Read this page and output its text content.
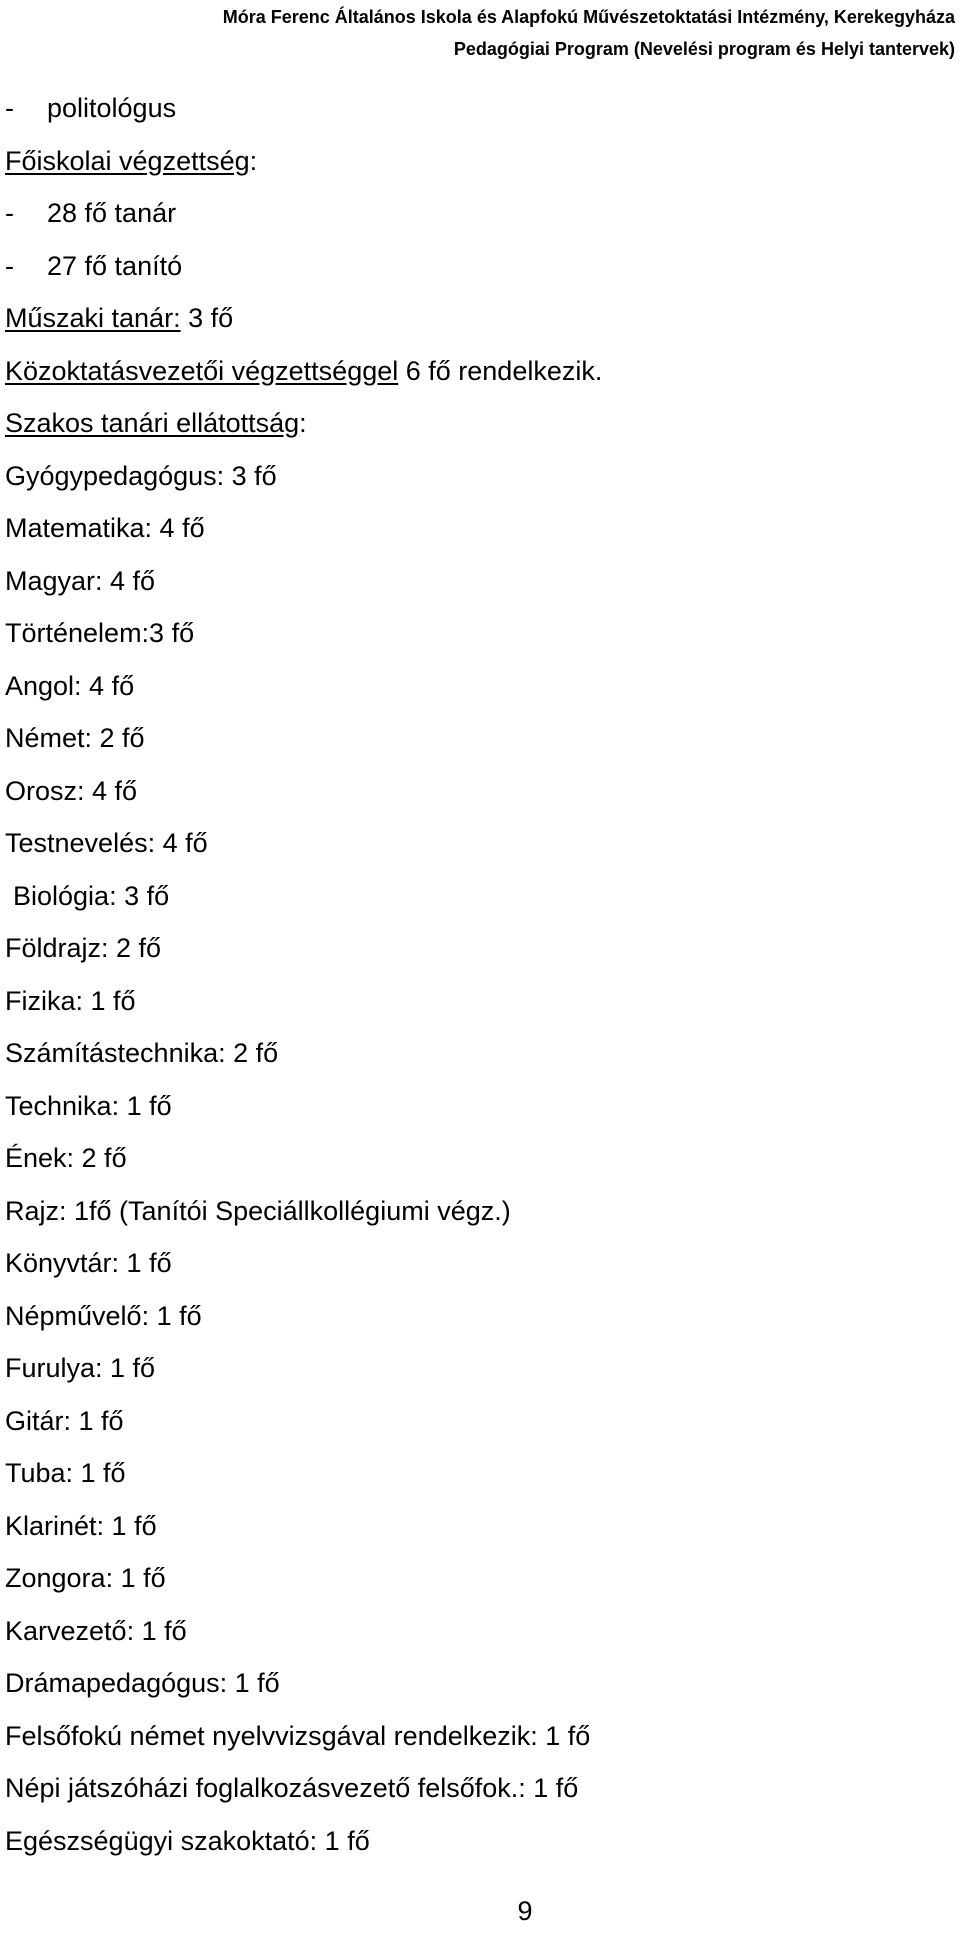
Móra Ferenc Általános Iskola és Alapfokú Művészetoktatási Intézmény, Kerekegyháza
Pedagógiai Program (Nevelési program és Helyi tantervek)
- politológus
Főiskolai végzettség:
- 28 fő tanár
- 27 fő tanító
Műszaki tanár: 3 fő
Közoktatásvezetői végzettséggel 6 fő rendelkezik.
Szakos tanári ellátottság:
Gyógypedagógus: 3 fő
Matematika: 4 fő
Magyar: 4 fő
Történelem:3 fő
Angol: 4 fő
Német: 2 fő
Orosz: 4 fő
Testnevelés: 4 fő
Biológia: 3 fő
Földrajz: 2 fő
Fizika: 1 fő
Számítástechnika: 2 fő
Technika: 1 fő
Ének: 2 fő
Rajz: 1fő (Tanítói Speciállkollégiumi végz.)
Könyvtár: 1 fő
Népművelő: 1 fő
Furulya: 1 fő
Gitár: 1 fő
Tuba: 1 fő
Klarinét: 1 fő
Zongora: 1 fő
Karvezető: 1 fő
Drámapedagógus: 1 fő
Felsőfokú német nyelvvizsgával rendelkezik: 1 fő
Népi játszóházi foglalkozásvezető felsőfok.: 1 fő
Egészségügyi szakoktató: 1 fő
9
